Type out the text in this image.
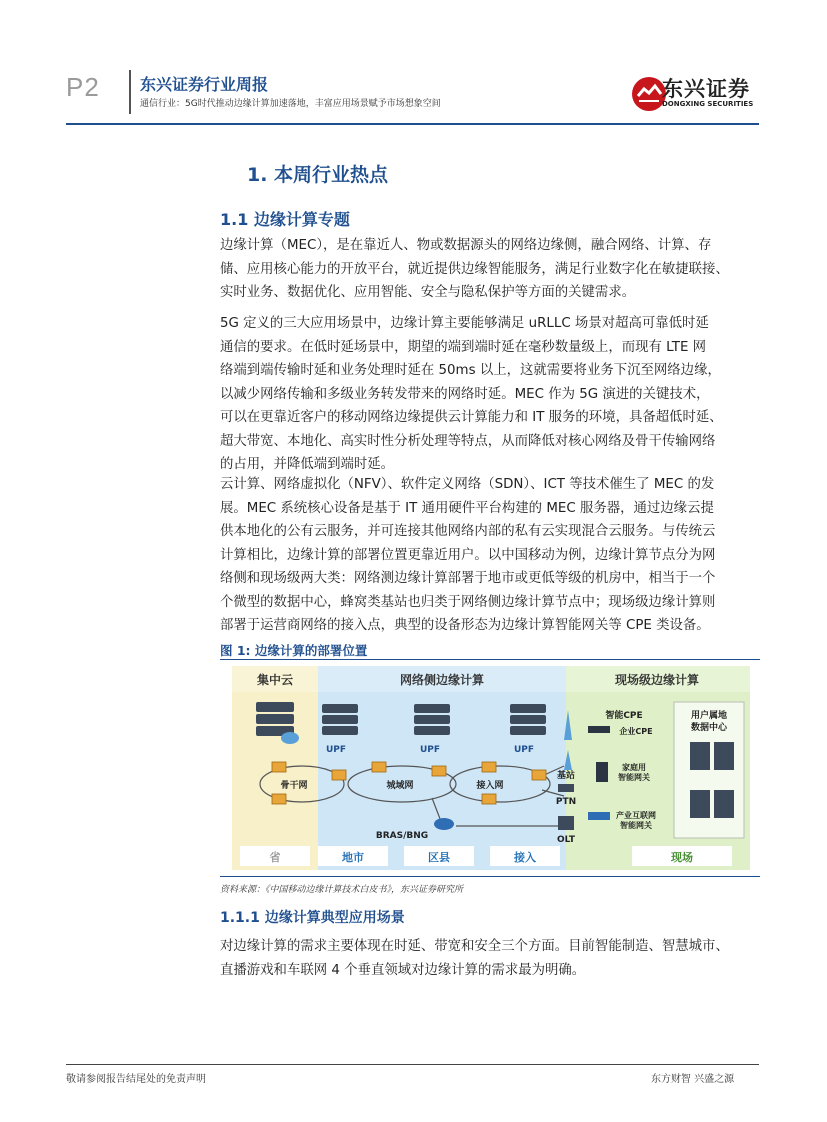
P2	东兴证券行业周报
通信行业：5G时代推动边缘计算加速落地，丰富应用场景赋予市场想象空间
东兴证券
DONGXING SECURITIES
1. 本周行业热点
1.1 边缘计算专题
边缘计算（MEC），是在靠近人、物或数据源头的网络边缘侧，融合网络、计算、存
储、应用核心能力的开放平台，就近提供边缘智能服务，满足行业数字化在敏捷联接、
实时业务、数据优化、应用智能、安全与隐私保护等方面的关键需求。
5G 定义的三大应用场景中，边缘计算主要能够满足 uRLLC 场景对超高可靠低时延
通信的要求。在低时延场景中，期望的端到端时延在毫秒数量级上，而现有 LTE 网
络端到端传输时延和业务处理时延在 50ms 以上，这就需要将业务下沉至网络边缘，
以减少网络传输和多级业务转发带来的网络时延。MEC 作为 5G 演进的关键技术，
可以在更靠近客户的移动网络边缘提供云计算能力和 IT 服务的环境，具备超低时延、
超大带宽、本地化、高实时性分析处理等特点，从而降低对核心网络及骨干传输网络
的占用，并降低端到端时延。
云计算、网络虚拟化（NFV）、软件定义网络（SDN）、ICT 等技术催生了 MEC 的发
展。MEC 系统核心设备是基于 IT 通用硬件平台构建的 MEC 服务器，通过边缘云提
供本地化的公有云服务，并可连接其他网络内部的私有云实现混合云服务。与传统云
计算相比，边缘计算的部署位置更靠近用户。以中国移动为例，边缘计算节点分为网
络侧和现场级两大类：网络测边缘计算部署于地市或更低等级的机房中，相当于一个
个微型的数据中心，蜂窝类基站也归类于网络侧边缘计算节点中；现场级边缘计算则
部署于运营商网络的接入点，典型的设备形态为边缘计算智能网关等 CPE 类设备。
图 1: 边缘计算的部署位置
集中云	网络侧边缘计算	现场级边缘计算
UPF	UPF	UPF
骨干网	城域网	接入网
BRAS/BNG
基站
PTN
OLT
智能CPE
企业CPE
家庭用
智能网关
产业互联网
智能网关
用户属地
数据中心
省	地市	区县	接入	现场
资料来源：《中国移动边缘计算技术白皮书》，东兴证券研究所
1.1.1 边缘计算典型应用场景
对边缘计算的需求主要体现在时延、带宽和安全三个方面。目前智能制造、智慧城市、
直播游戏和车联网 4 个垂直领域对边缘计算的需求最为明确。
敬请参阅报告结尾处的免责声明	东方财智 兴盛之源
